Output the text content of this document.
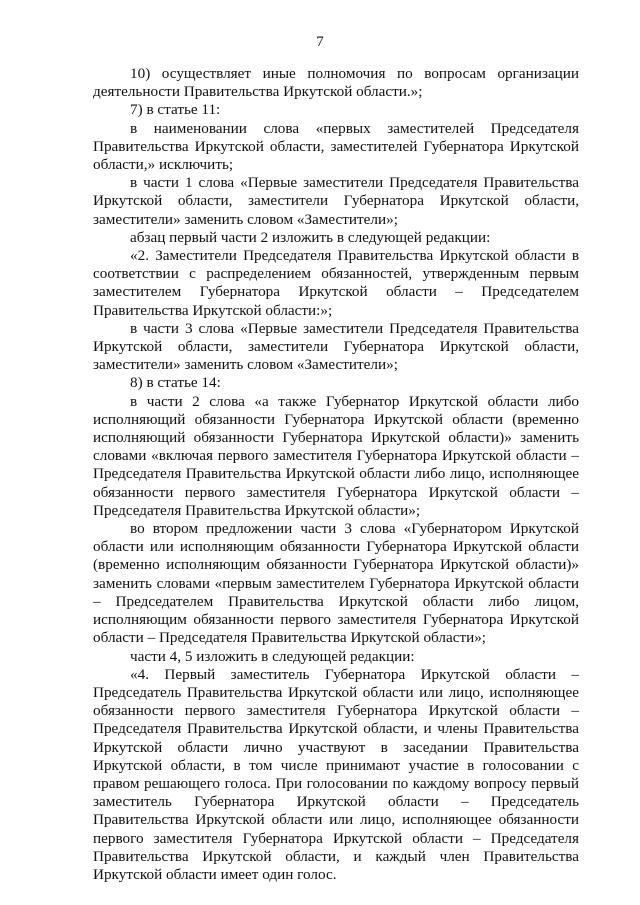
7

10) осуществляет иные полномочия по вопросам организации деятельности Правительства Иркутской области.»;

7) в статье 11:

в наименовании слова «первых заместителей Председателя Правительства Иркутской области, заместителей Губернатора Иркутской области,» исключить;

в части 1 слова «Первые заместители Председателя Правительства Иркутской области, заместители Губернатора Иркутской области, заместители» заменить словом «Заместители»;

абзац первый части 2 изложить в следующей редакции:

«2. Заместители Председателя Правительства Иркутской области в соответствии с распределением обязанностей, утвержденным первым заместителем Губернатора Иркутской области – Председателем Правительства Иркутской области:»;

в части 3 слова «Первые заместители Председателя Правительства Иркутской области, заместители Губернатора Иркутской области, заместители» заменить словом «Заместители»;

8) в статье 14:

в части 2 слова «а также Губернатор Иркутской области либо исполняющий обязанности Губернатора Иркутской области (временно исполняющий обязанности Губернатора Иркутской области)» заменить словами «включая первого заместителя Губернатора Иркутской области – Председателя Правительства Иркутской области либо лицо, исполняющее обязанности первого заместителя Губернатора Иркутской области – Председателя Правительства Иркутской области»;

во втором предложении части 3 слова «Губернатором Иркутской области или исполняющим обязанности Губернатора Иркутской области (временно исполняющим обязанности Губернатора Иркутской области)» заменить словами «первым заместителем Губернатора Иркутской области – Председателем Правительства Иркутской области либо лицом, исполняющим обязанности первого заместителя Губернатора Иркутской области – Председателя Правительства Иркутской области»;

части 4, 5 изложить в следующей редакции:

«4. Первый заместитель Губернатора Иркутской области – Председатель Правительства Иркутской области или лицо, исполняющее обязанности первого заместителя Губернатора Иркутской области – Председателя Правительства Иркутской области, и члены Правительства Иркутской области лично участвуют в заседании Правительства Иркутской области, в том числе принимают участие в голосовании с правом решающего голоса. При голосовании по каждому вопросу первый заместитель Губернатора Иркутской области – Председатель Правительства Иркутской области или лицо, исполняющее обязанности первого заместителя Губернатора Иркутской области – Председателя Правительства Иркутской области, и каждый член Правительства Иркутской области имеет один голос.
